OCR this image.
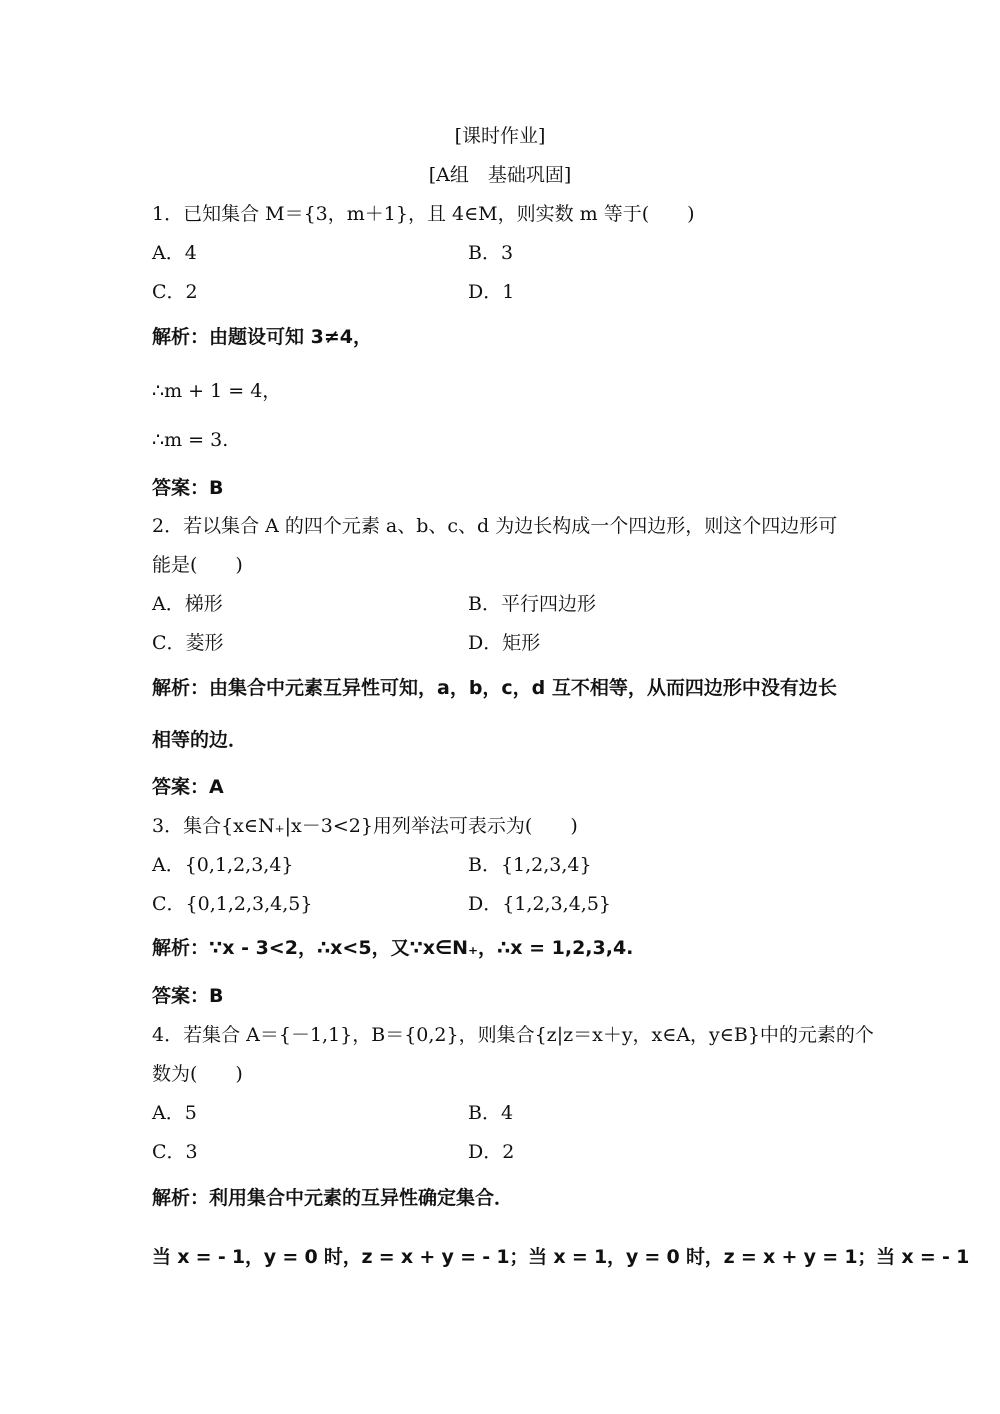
[课时作业]
[A组　基础巩固]
1．已知集合 M＝{3，m＋1}，且 4∈M，则实数 m 等于(　　)
A．4	B．3
C．2	D．1
解析：由题设可知 3≠4，
∴m + 1 = 4，
∴m = 3.
答案：B
2．若以集合 A 的四个元素 a、b、c、d 为边长构成一个四边形，则这个四边形可
能是(　　)
A．梯形	B．平行四边形
C．菱形	D．矩形
解析：由集合中元素互异性可知，a，b，c，d 互不相等，从而四边形中没有边长
相等的边．
答案：A
3．集合{x∈N₊|x－3<2}用列举法可表示为(　　)
A．{0,1,2,3,4}	B．{1,2,3,4}
C．{0,1,2,3,4,5}	D．{1,2,3,4,5}
解析：∵x - 3<2，∴x<5，又∵x∈N₊，∴x = 1,2,3,4.
答案：B
4．若集合 A＝{－1,1}，B＝{0,2}，则集合{z|z＝x＋y，x∈A，y∈B}中的元素的个
数为(　　)
A．5	B．4
C．3	D．2
解析：利用集合中元素的互异性确定集合．
当 x = - 1，y = 0 时，z = x + y = - 1；当 x = 1，y = 0 时，z = x + y = 1；当 x = - 1
